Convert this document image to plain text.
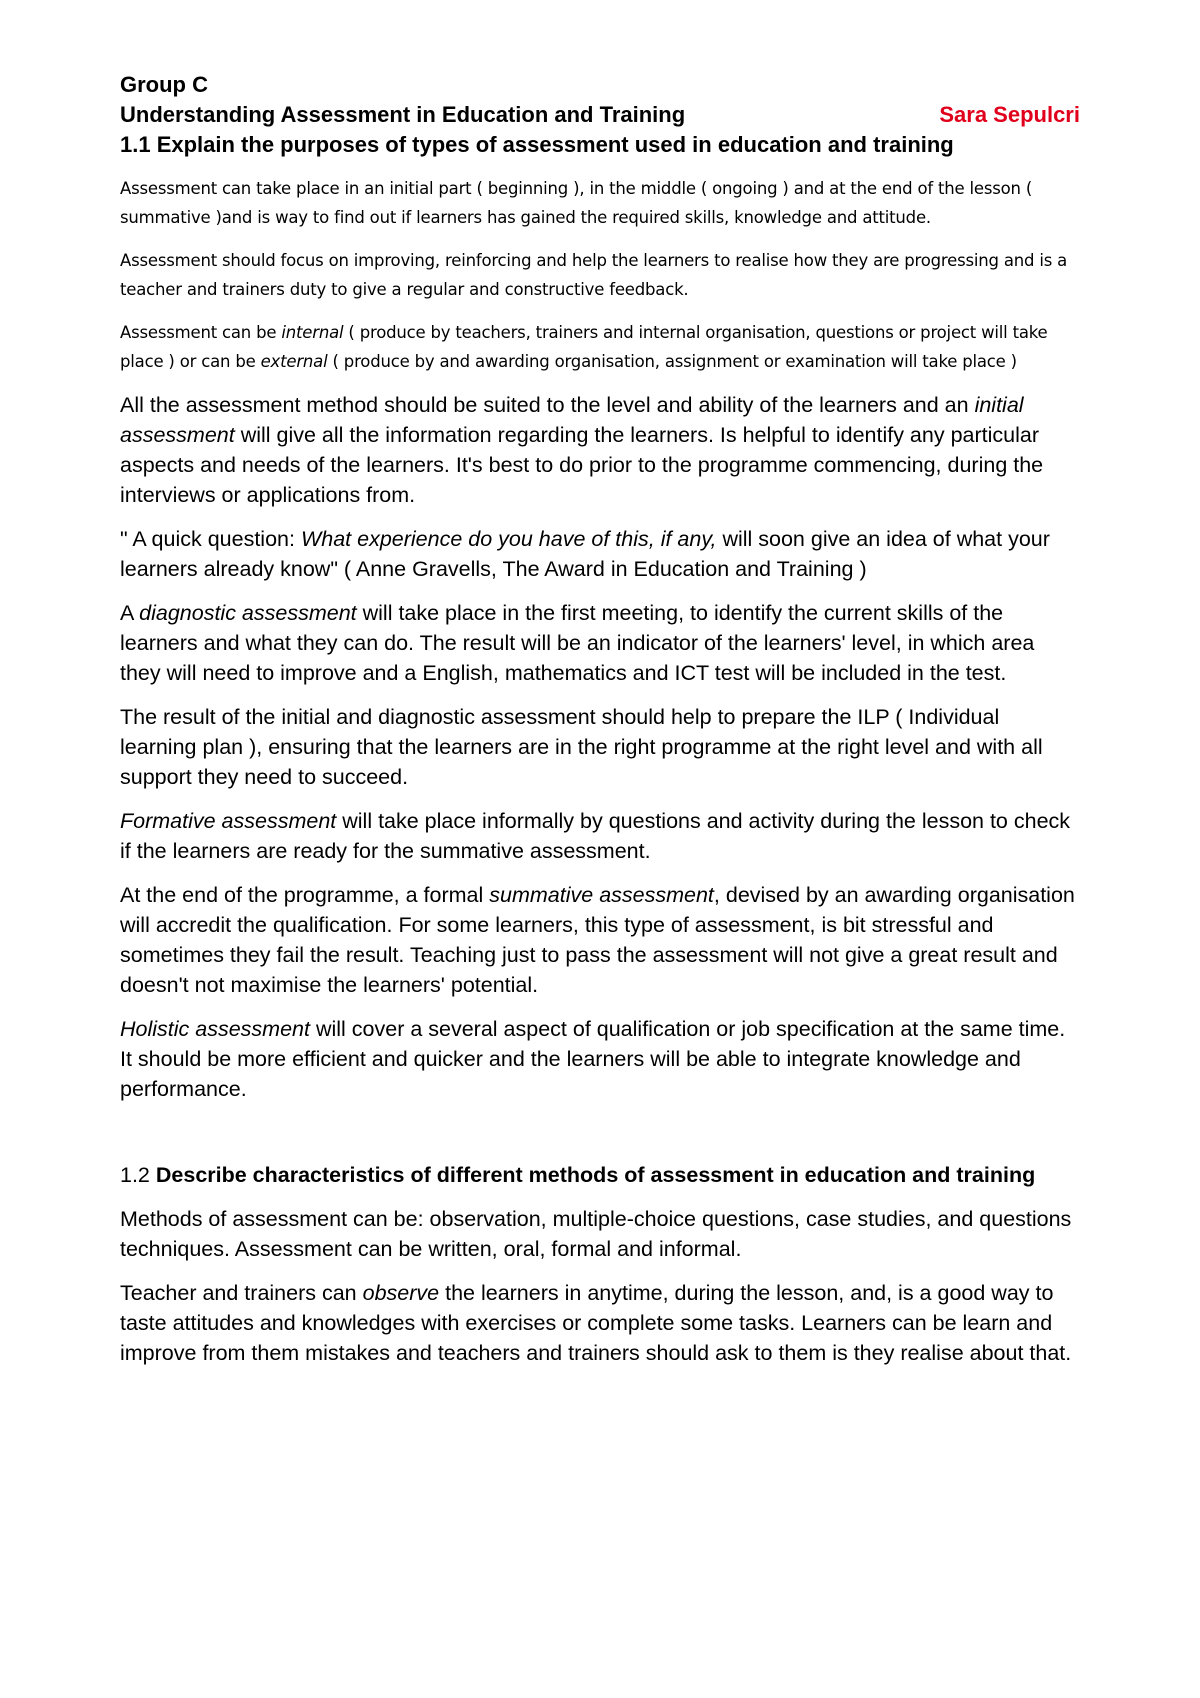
Group C

Understanding Assessment in Education and Training	Sara Sepulcri

1.1 Explain the purposes of types of assessment used in education and training

Assessment can take place in an initial part ( beginning ), in the middle ( ongoing ) and at the end of the lesson ( summative )and is way to find out if learners has gained the required skills, knowledge and attitude.

Assessment should focus on improving, reinforcing and help the learners to realise how they are progressing and is a teacher and trainers duty to give a regular and constructive feedback.

Assessment can be internal ( produce by teachers, trainers and internal organisation, questions or project will take place ) or can be external ( produce by and awarding organisation, assignment or examination will take place )

All the assessment method should be suited to the level and ability of the learners and an initial assessment will give all the information regarding the learners. Is helpful to identify any particular aspects and needs of the learners. It's best to do prior to the programme commencing, during the interviews or applications from.

" A quick question: What experience do you have of this, if any, will soon give an idea of what your learners already know" ( Anne Gravells, The Award in Education and Training )

A diagnostic assessment will take place in the first meeting, to identify the current skills of the learners and what they can do. The result will be an indicator of the learners' level, in which area they will need to improve and a English, mathematics and ICT test will be included in the test.

The result of the initial and diagnostic assessment should help to prepare the ILP ( Individual learning plan ), ensuring that the learners are in the right programme at the right level and with all support they need to succeed.

Formative assessment will take place informally by questions and activity during the lesson to check if the learners are ready for the summative assessment.

At the end of the programme, a formal summative assessment, devised by an awarding organisation will accredit the qualification. For some learners, this type of assessment, is bit stressful and sometimes they fail the result. Teaching just to pass the assessment will not give a great result and doesn't not maximise the learners' potential.

Holistic assessment will cover a several aspect of qualification or job specification at the same time. It should be more efficient and quicker and the learners will be able to integrate knowledge and performance.

1.2 Describe characteristics of different methods of assessment in education and training

Methods of assessment can be: observation, multiple-choice questions, case studies, and questions techniques. Assessment can be written, oral, formal and informal.

Teacher and trainers can observe the learners in anytime, during the lesson, and, is a good way to taste attitudes and knowledges with exercises or complete some tasks. Learners can be learn and improve from them mistakes and teachers and trainers should ask to them is they realise about that.
